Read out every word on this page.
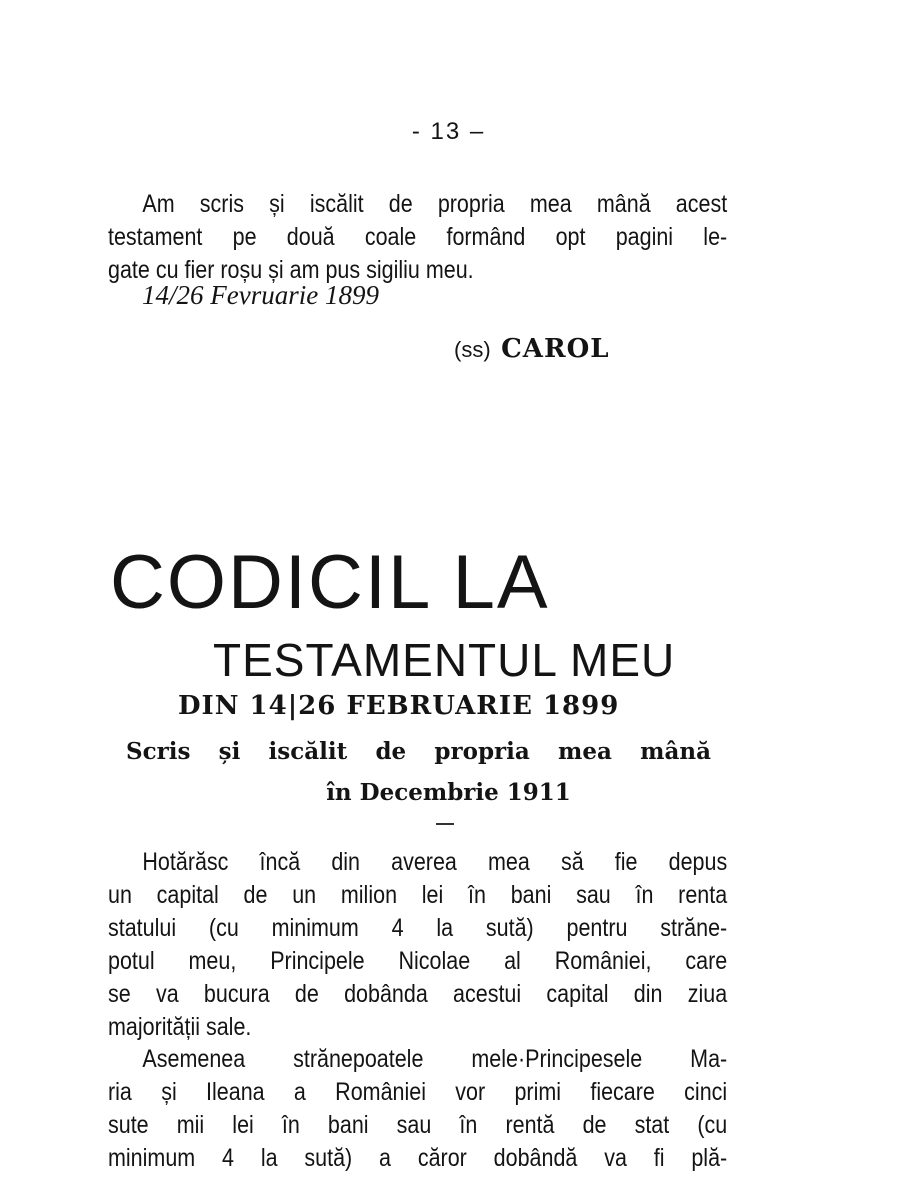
- 13 –
Am scris și iscălit de propria mea mână acest
testament pe două coale formând opt pagini le-
gate cu fier roșu și am pus sigiliu meu.
14/26 Fevruarie 1899
(ss) CAROL
CODICIL LA
TESTAMENTUL MEU
DIN 14|26 FEBRUARIE 1899
Scris și iscălit de propria mea mână
în Decembrie 1911
Hotărăsc încă din averea mea să fie depus
un capital de un milion lei în bani sau în renta
statului (cu minimum 4 la sută) pentru străne-
potul meu, Principele Nicolae al României, care
se va bucura de dobânda acestui capital din ziua
majorității sale.
Asemenea strănepoatele mele·Principesele Ma-
ria și Ileana a României vor primi fiecare cinci
sute mii lei în bani sau în rentă de stat (cu
minimum 4 la sută) a căror dobândă va fi plă-
